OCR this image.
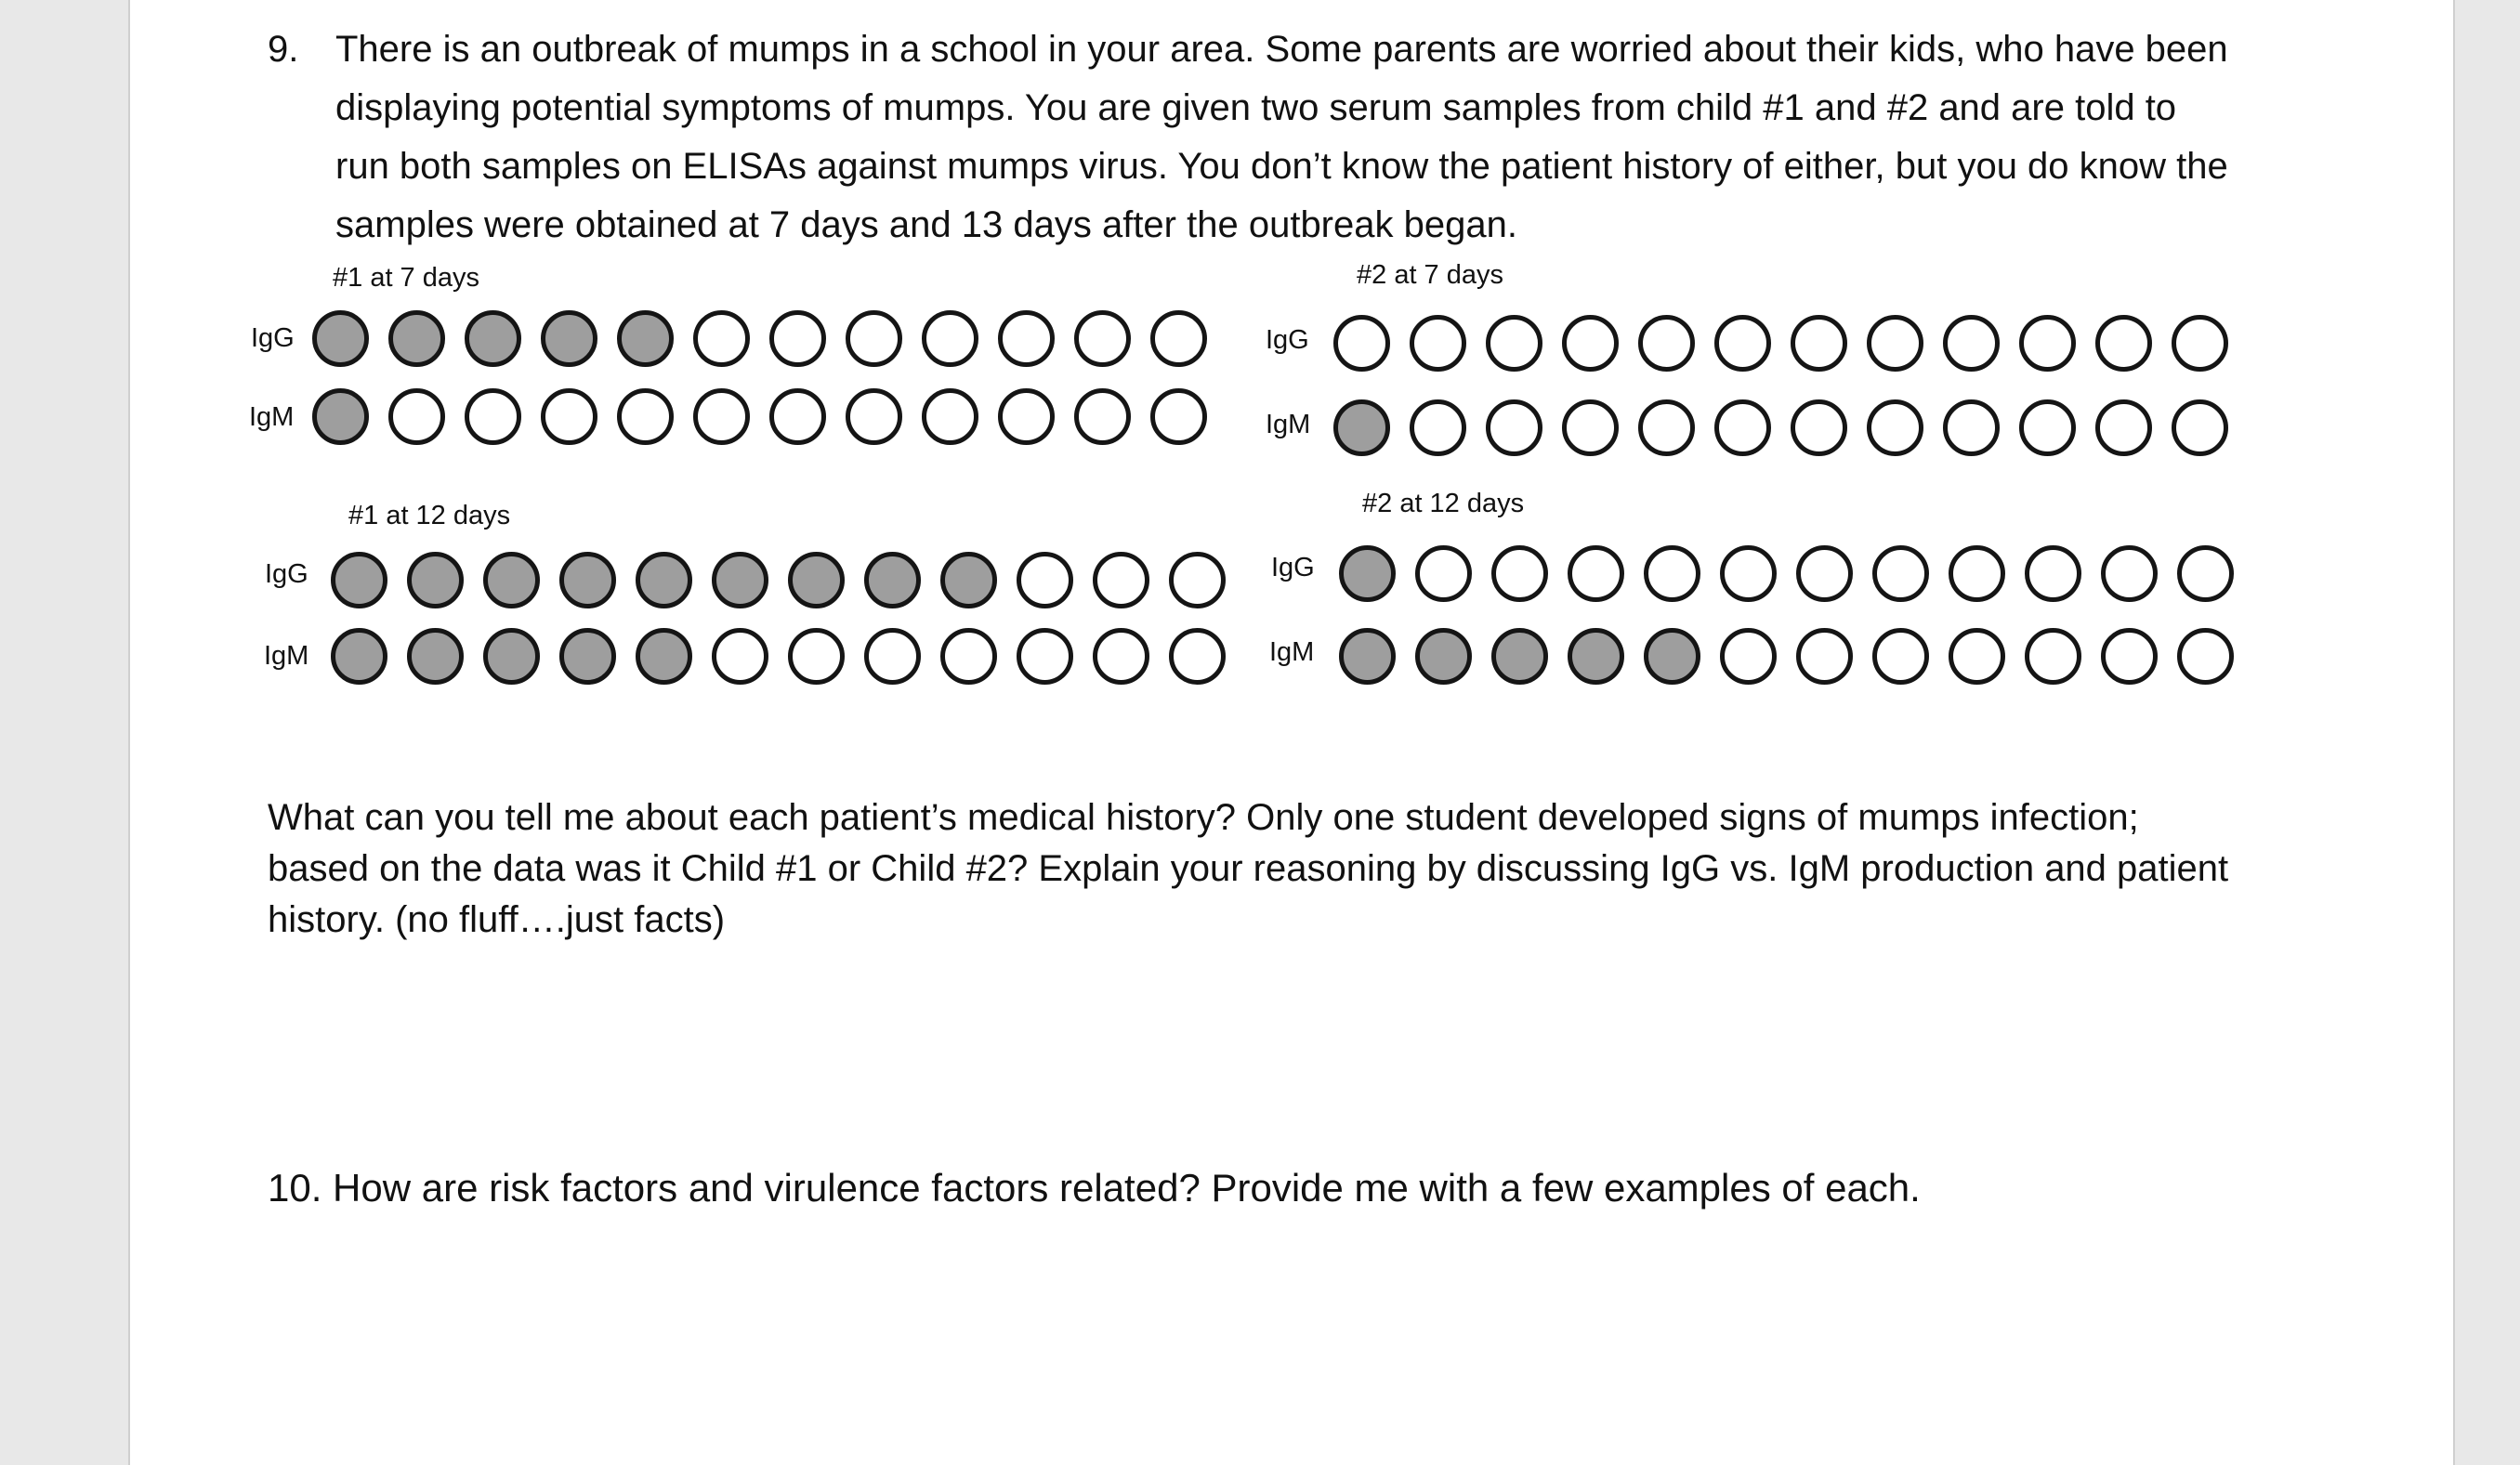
9. There is an outbreak of mumps in a school in your area. Some parents are worried about their kids, who have been
displaying potential symptoms of mumps. You are given two serum samples from child #1 and #2 and are told to
run both samples on ELISAs against mumps virus. You don’t know the patient history of either, but you do know the
samples were obtained at 7 days and 13 days after the outbreak began.
#1 at 7 days
IgG
IgM
#2 at 7 days
IgG
IgM
#1 at 12 days
IgG
IgM
#2 at 12 days
IgG
IgM
What can you tell me about each patient’s medical history? Only one student developed signs of mumps infection;
based on the data was it Child #1 or Child #2? Explain your reasoning by discussing IgG vs. IgM production and patient
history. (no fluff….just facts)
10. How are risk factors and virulence factors related? Provide me with a few examples of each.
